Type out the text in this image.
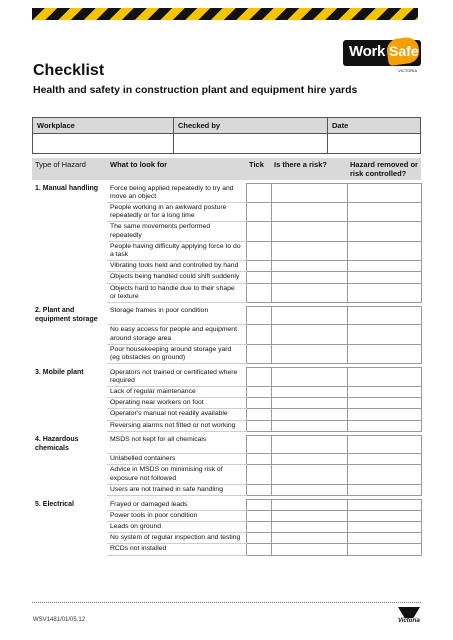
Work Safe
VICTORIA
Checklist
Health and safety in construction plant and equipment hire yards
Workplace	Checked by	Date

Type of Hazard	What to look for	Tick	Is there a risk?	Hazard removed or risk controlled?

1. Manual handling	Force being applied repeatedly to try and move an object			
	People working in an awkward posture repeatedly or for a long time			
	The same movements performed repeatedly			
	People having difficulty applying force to do a task			
	Vibrating tools held and controlled by hand			
	Objects being handled could shift suddenly			
	Objects hard to handle due to their shape or texture			

2. Plant and equipment storage	Storage frames in poor condition			
	No easy access for people and equipment around storage area			
	Poor housekeeping around storage yard (eg obstacles on ground)			

3. Mobile plant	Operators not trained or certificated where required			
	Lack of regular maintenance			
	Operating near workers on foot			
	Operator's manual not readily available			
	Reversing alarms not fitted or not working			

4. Hazardous chemicals	MSDS not kept for all chemicals			
	Unlabelled containers			
	Advice in MSDS on minimising risk of exposure not followed			
	Users are not trained in safe handling			

5. Electrical	Frayed or damaged leads			
	Power tools in poor condition			
	Leads on ground			
	No system of regular inspection and testing			
	RCDs not installed			
WSV1481/01/05.12	Victoria
